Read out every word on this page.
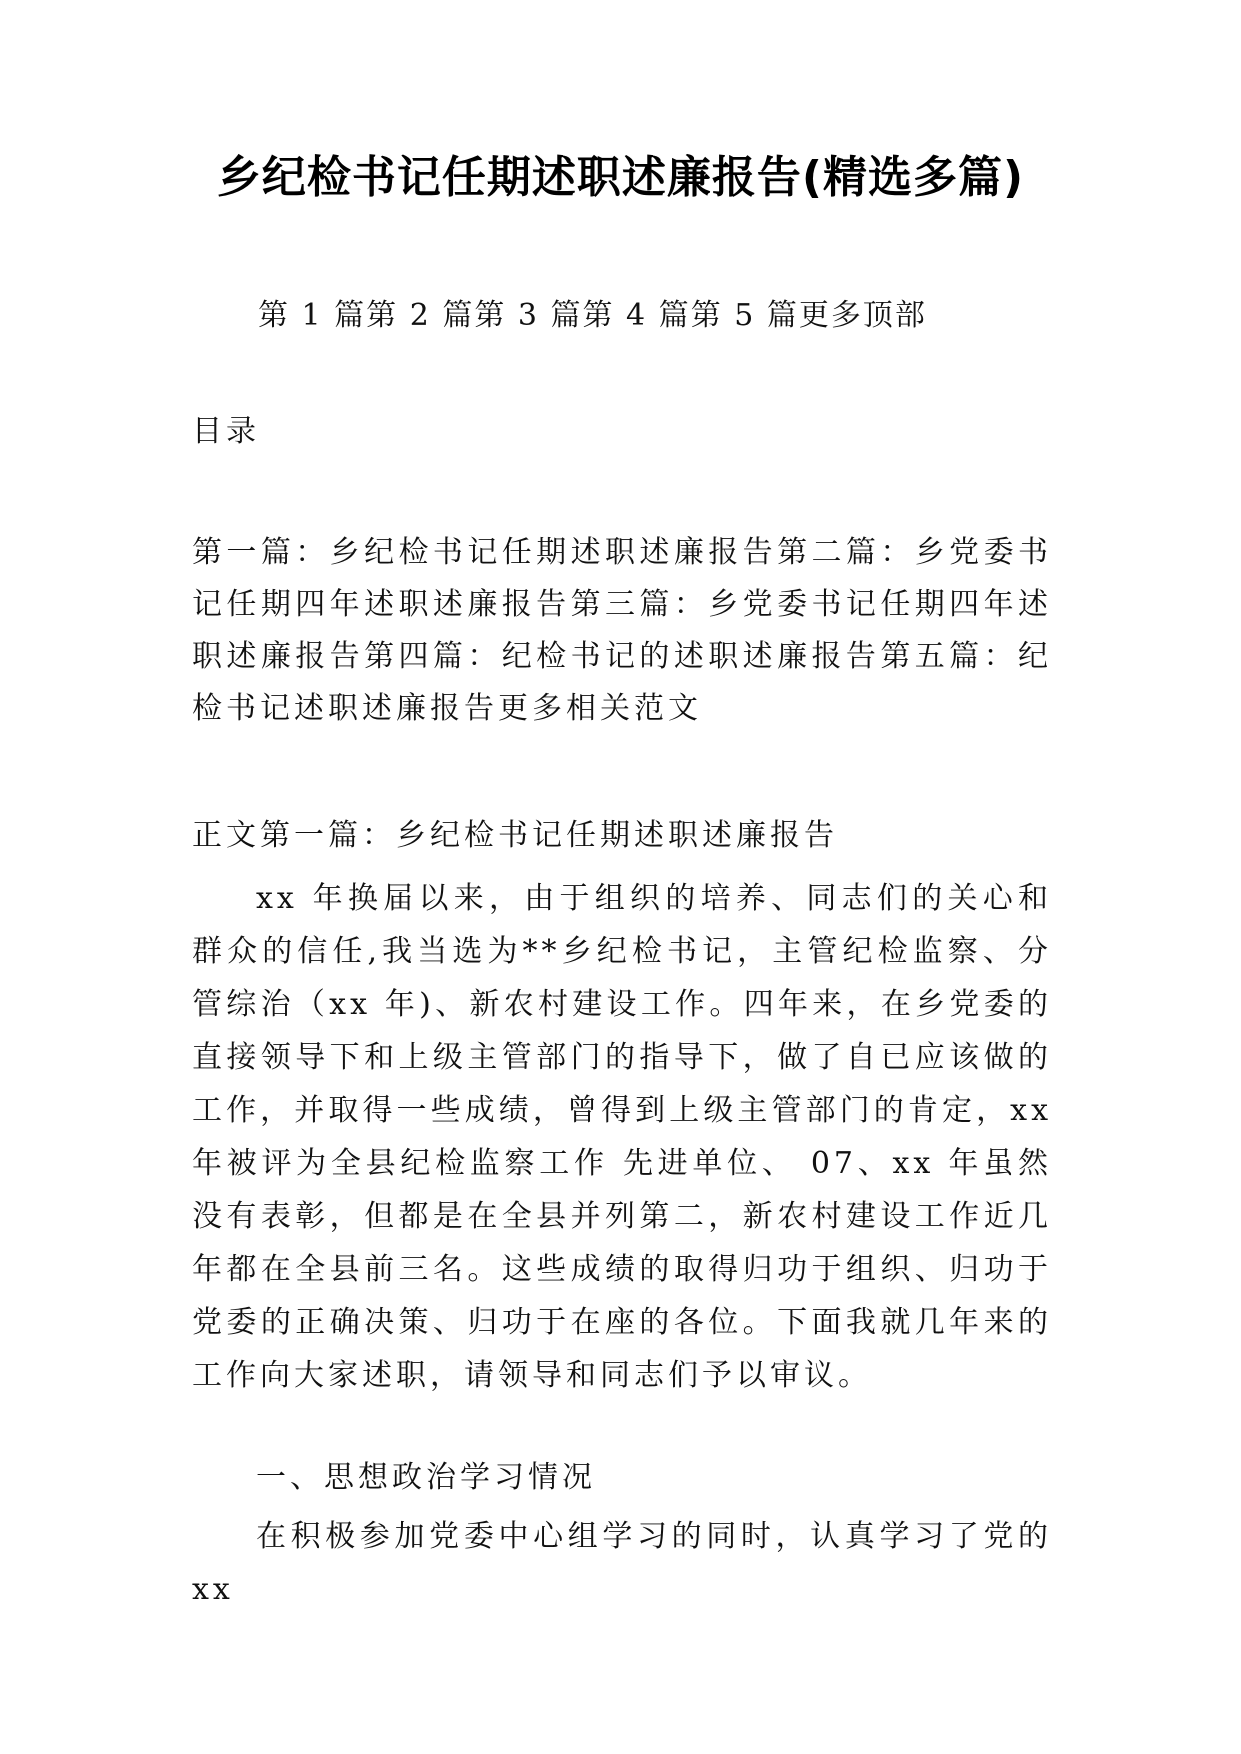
乡纪检书记任期述职述廉报告(精选多篇)
第 1 篇第 2 篇第 3 篇第 4 篇第 5 篇更多顶部
目录
第一篇：乡纪检书记任期述职述廉报告第二篇：乡党委书记任期四年述职述廉报告第三篇：乡党委书记任期四年述职述廉报告第四篇：纪检书记的述职述廉报告第五篇：纪检书记述职述廉报告更多相关范文
正文第一篇：乡纪检书记任期述职述廉报告
xx 年换届以来，由于组织的培养、同志们的关心和群众的信任,我当选为**乡纪检书记，主管纪检监察、分管综治（xx 年)、新农村建设工作。四年来，在乡党委的直接领导下和上级主管部门的指导下，做了自已应该做的工作，并取得一些成绩，曾得到上级主管部门的肯定，xx 年被评为全县纪检监察工作 先进单位、 07、xx 年虽然没有表彰，但都是在全县并列第二，新农村建设工作近几年都在全县前三名。这些成绩的取得归功于组织、归功于党委的正确决策、归功于在座的各位。下面我就几年来的工作向大家述职，请领导和同志们予以审议。
一、思想政治学习情况
在积极参加党委中心组学习的同时，认真学习了党的 xx
